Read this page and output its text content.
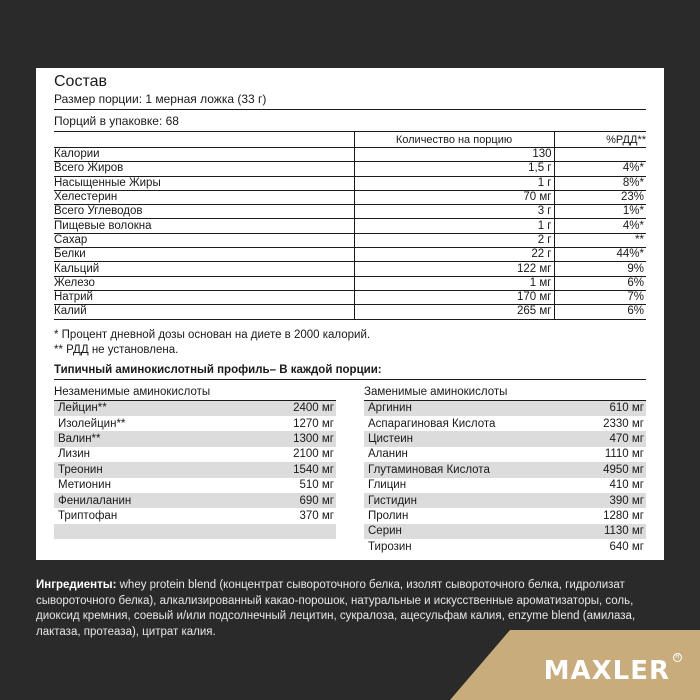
Состав
Размер порции: 1 мерная ложка (33 г)
Порций в упаковке: 68
	Количество на порцию	%РДД**
Калории	130	
Всего Жиров	1,5 г	4%*
Насыщенные Жиры	1 г	8%*
Хелестерин	70 мг	23%
Всего Углеводов	3 г	1%*
Пищевые волокна	1 г	4%*
Сахар	2 г	**
Белки	22 г	44%*
Кальций	122 мг	9%
Железо	1 мг	6%
Натрий	170 мг	7%
Калий	265 мг	6%
* Процент дневной дозы основан на диете в 2000 калорий.
** РДД не установлена.
Типичный аминокислотный профиль– В каждой порции:
Незаменимые аминокислоты
Лейцин**	2400 мг
Изолейцин**	1270 мг
Валин**	1300 мг
Лизин	2100 мг
Треонин	1540 мг
Метионин	510 мг
Фенилаланин	690 мг
Триптофан	370 мг
Заменимые аминокислоты
Аргинин	610 мг
Аспарагиновая Кислота	2330 мг
Цистеин	470 мг
Аланин	1110 мг
Глутаминовая Кислота	4950 мг
Глицин	410 мг
Гистидин	390 мг
Пролин	1280 мг
Серин	1130 мг
Тирозин	640 мг
Ингредиенты: whey protein blend (концентрат сывороточного белка, изолят сывороточного белка, гидролизат сывороточного белка), алкализированный какао-порошок, натуральные и искусственные ароматизаторы, соль, диоксид кремния, соевый и/или подсолнечный лецитин, сукралоза, ацесульфам калия, enzyme blend (амилаза, лактаза, протеаза), цитрат калия.
MAXLER R
